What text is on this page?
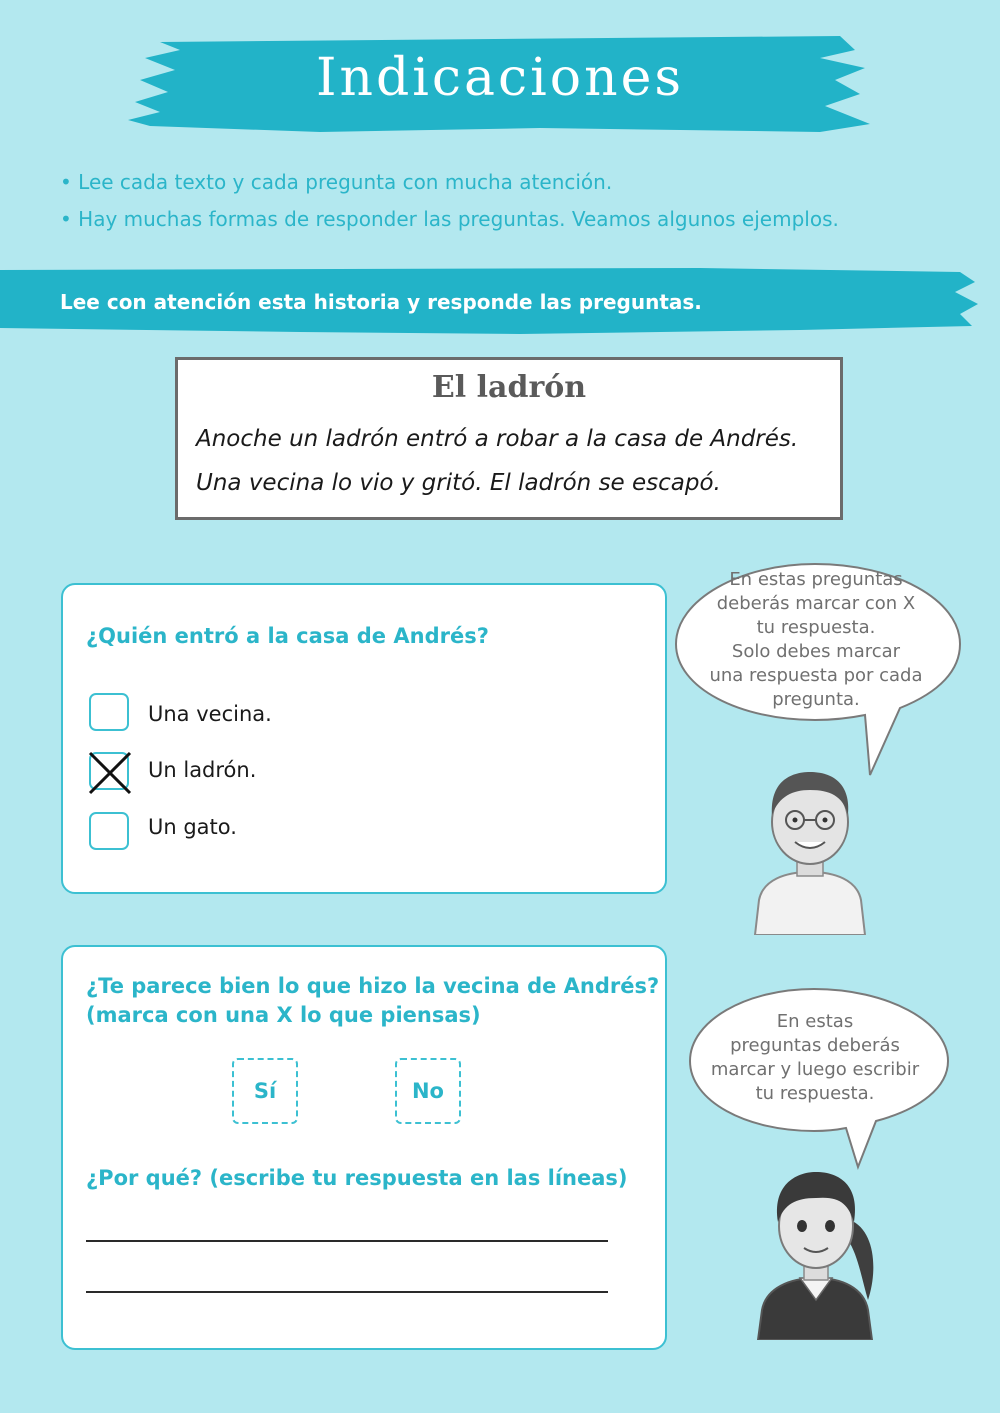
Indicaciones
• Lee cada texto y cada pregunta con mucha atención.
• Hay muchas formas de responder las preguntas. Veamos algunos ejemplos.
Lee con atención esta historia y responde las preguntas.
El ladrón
Anoche un ladrón entró a robar a la casa de Andrés.
Una vecina lo vio y gritó. El ladrón se escapó.
¿Quién entró a la casa de Andrés?
Una vecina.
Un ladrón.
Un gato.
En estas preguntas
deberás marcar con X
tu respuesta.
Solo debes marcar
una respuesta por cada
pregunta.
¿Te parece bien lo que hizo la vecina de Andrés?
(marca con una X lo que piensas)
Sí	No
¿Por qué? (escribe tu respuesta en las líneas)
En estas
preguntas deberás
marcar y luego escribir
tu respuesta.
